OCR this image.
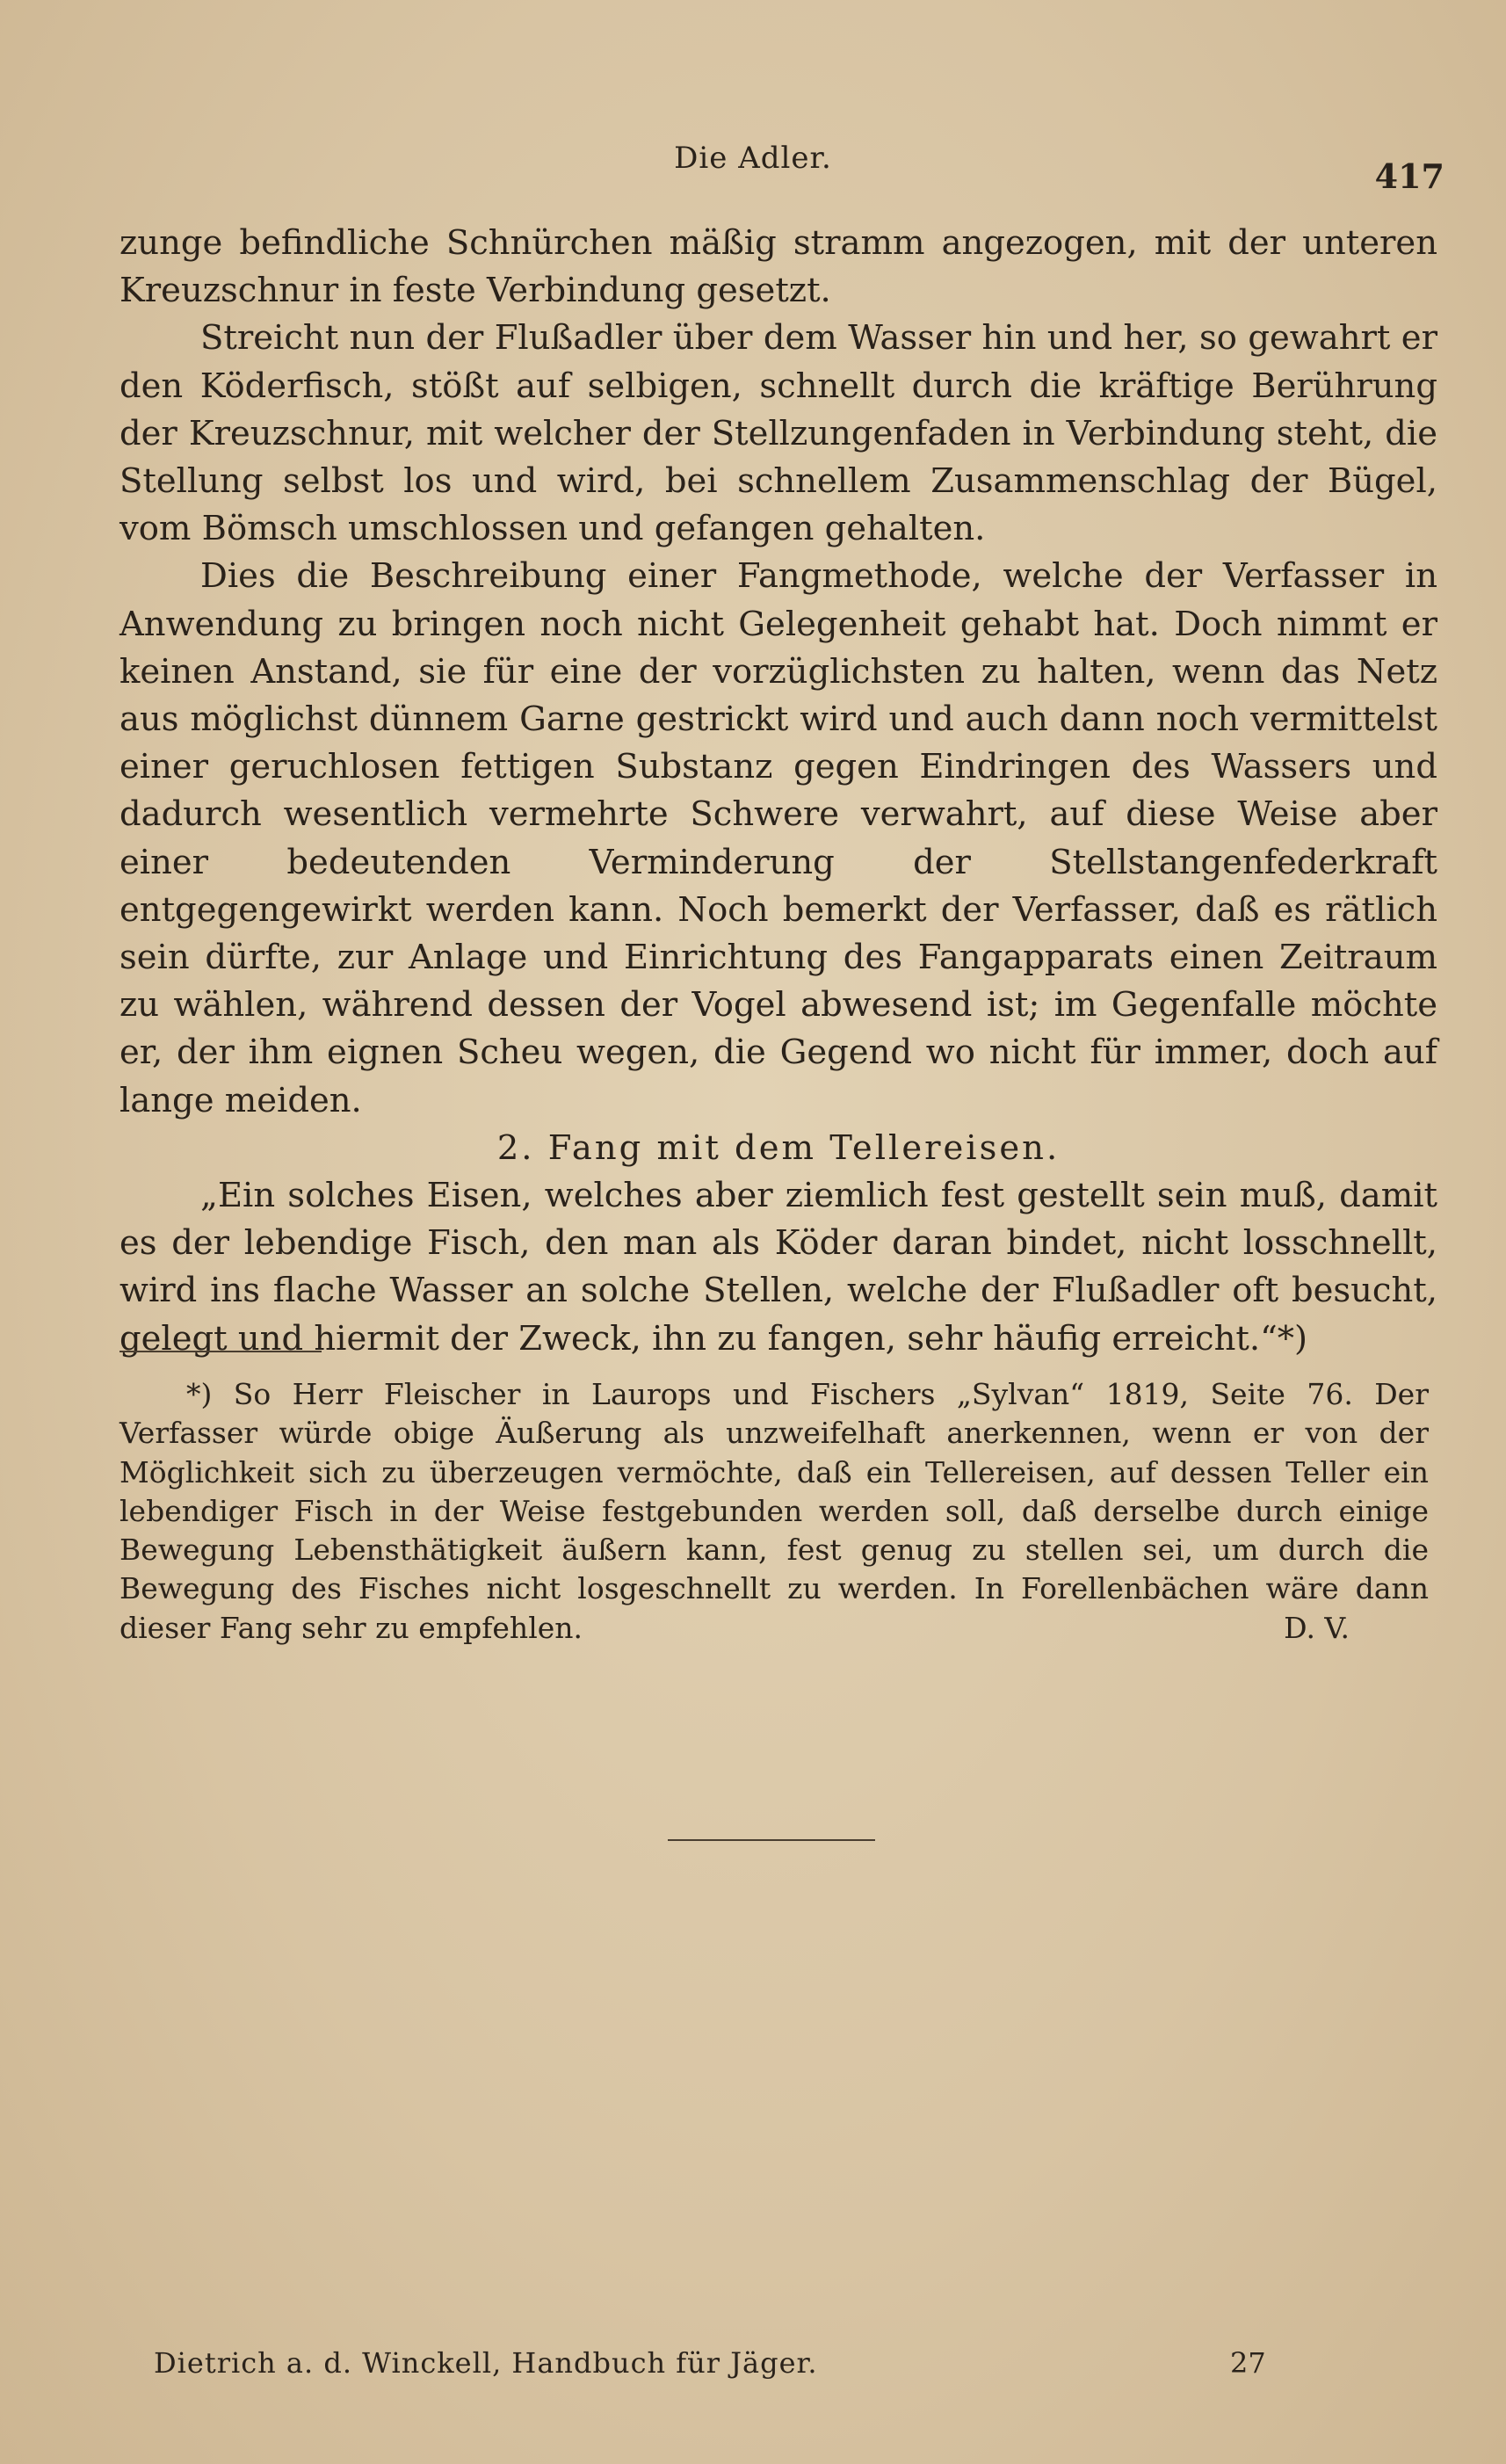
Die Adler.	417

zunge befindliche Schnürchen mäßig stramm angezogen, mit der unteren Kreuzschnur in feste Verbindung gesetzt.

Streicht nun der Flußadler über dem Wasser hin und her, so gewahrt er den Köderfisch, stößt auf selbigen, schnellt durch die kräftige Berührung der Kreuzschnur, mit welcher der Stellzungenfaden in Verbindung steht, die Stellung selbst los und wird, bei schnellem Zusammenschlag der Bügel, vom Bömsch umschlossen und gefangen gehalten.

Dies die Beschreibung einer Fangmethode, welche der Verfasser in Anwendung zu bringen noch nicht Gelegenheit gehabt hat. Doch nimmt er keinen Anstand, sie für eine der vorzüglichsten zu halten, wenn das Netz aus möglichst dünnem Garne gestrickt wird und auch dann noch vermittelst einer geruchlosen fettigen Substanz gegen Eindringen des Wassers und dadurch wesentlich vermehrte Schwere verwahrt, auf diese Weise aber einer bedeutenden Verminderung der Stellstangenfederkraft entgegengewirkt werden kann. Noch bemerkt der Verfasser, daß es rätlich sein dürfte, zur Anlage und Einrichtung des Fangapparats einen Zeitraum zu wählen, während dessen der Vogel abwesend ist; im Gegenfalle möchte er, der ihm eignen Scheu wegen, die Gegend wo nicht für immer, doch auf lange meiden.

2. Fang mit dem Tellereisen.

„Ein solches Eisen, welches aber ziemlich fest gestellt sein muß, damit es der lebendige Fisch, den man als Köder daran bindet, nicht losschnellt, wird ins flache Wasser an solche Stellen, welche der Flußadler oft besucht, gelegt und hiermit der Zweck, ihn zu fangen, sehr häufig erreicht.“*)

*) So Herr Fleischer in Laurops und Fischers „Sylvan“ 1819, Seite 76. Der Verfasser würde obige Äußerung als unzweifelhaft anerkennen, wenn er von der Möglichkeit sich zu überzeugen vermöchte, daß ein Tellereisen, auf dessen Teller ein lebendiger Fisch in der Weise festgebunden werden soll, daß derselbe durch einige Bewegung Lebensthätigkeit äußern kann, fest genug zu stellen sei, um durch die Bewegung des Fisches nicht losgeschnellt zu werden. In Forellenbächen wäre dann dieser Fang sehr zu empfehlen.	D. V.
Dietrich a. d. Winckell, Handbuch für Jäger.	27
